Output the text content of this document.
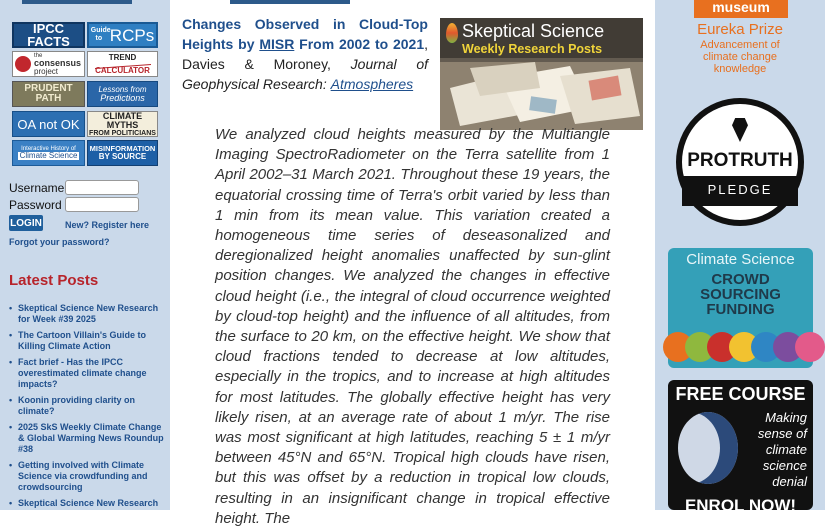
IPCC FACTS
Guide to RCPs
the
consensus
project
TREND
CALCULATOR
PRUDENT PATH
Lessons from
Predictions
OA not OK
CLIMATE MYTHS
FROM POLITICIANS
Interactive History of
Climate Science
MISINFORMATION
BY SOURCE
Username
Password
LOGIN	New? Register here
Forgot your password?
Latest Posts
• Skeptical Science New Research for Week #39 2025
• The Cartoon Villain's Guide to Killing Climate Action
• Fact brief - Has the IPCC overestimated climate change impacts?
• Koonin providing clarity on climate?
• 2025 SkS Weekly Climate Change & Global Warming News Roundup #38
• Getting involved with Climate Science via crowdfunding and crowdsourcing
• Skeptical Science New Research
Changes Observed in Cloud-Top Heights by MISR From 2002 to 2021, Davies & Moroney, Journal of Geophysical Research: Atmospheres
Skeptical Science
Weekly Research Posts

We analyzed cloud heights measured by the Multiangle Imaging SpectroRadiometer on the Terra satellite from 1 April 2002–31 March 2021. Throughout these 19 years, the equatorial crossing time of Terra's orbit varied by less than 1 min from its mean value. This variation created a homogeneous time series of deseasonalized and deregionalized height anomalies unaffected by sun-glint position changes. We analyzed the changes in effective cloud height (i.e., the integral of cloud occurrence weighted by cloud-top height) and the influence of all altitudes, from the surface to 20 km, on the effective height. We show that cloud fractions tended to decrease at low altitudes, especially in the tropics, and to increase at high altitudes for most latitudes. The globally effective height has very likely risen, at an average rate of about 1 m/yr. The rise was most significant at high latitudes, reaching 5 ± 1 m/yr between 45°N and 65°N. Tropical high clouds have risen, but this was offset by a reduction in tropical low clouds, resulting in an insignificant change in tropical effective height. The

museum
Eureka Prize
Advancement of
climate change
knowledge
PROTRUTH
PLEDGE
Climate Science
CROWD
SOURCING
FUNDING
FREE COURSE
Making
sense of
climate
science
denial
ENROL NOW!
